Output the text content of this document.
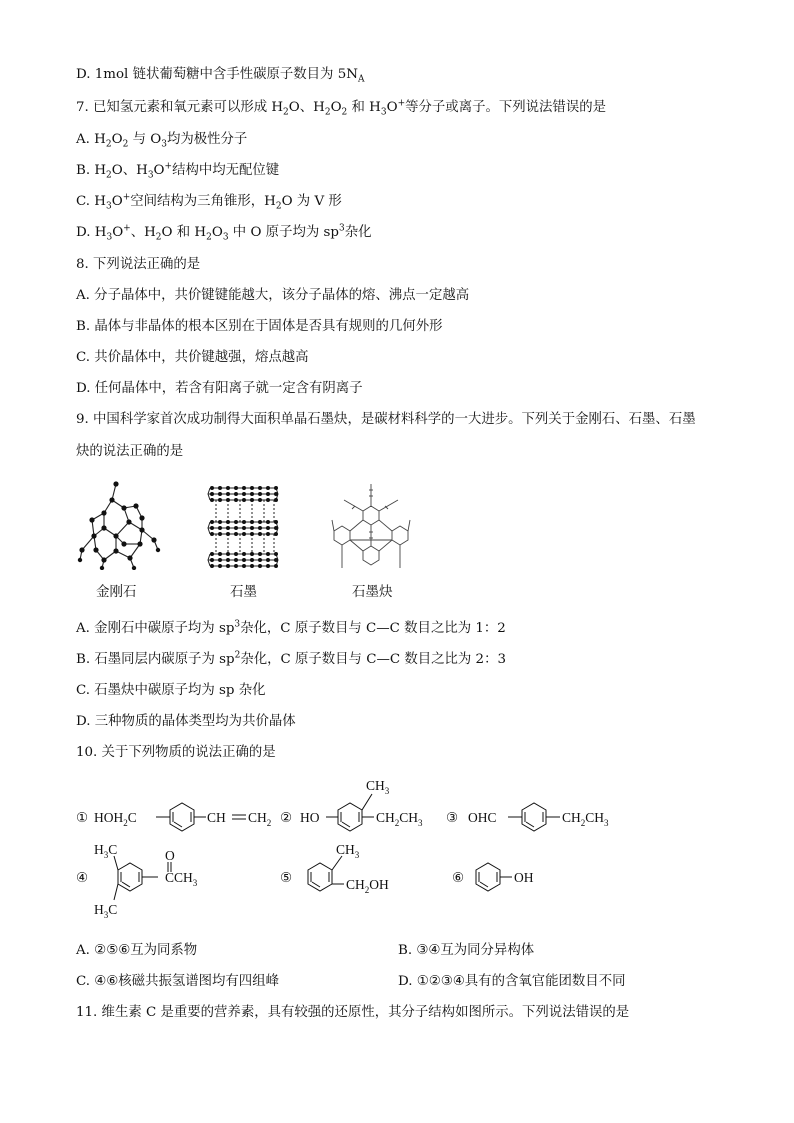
D. 1mol 链状葡萄糖中含手性碳原子数目为 $5N_A$
7. 已知氢元素和氧元素可以形成 $H_2O$、$H_2O_2$ 和 $H_3O^+$等分子或离子。下列说法错误的是
A. $H_2O_2$ 与 $O_3$均为极性分子
B. $H_2O$、$H_3O^+$结构中均无配位键
C. $H_3O^+$空间结构为三角锥形，$H_2O$ 为 V 形
D. $H_3O^+$、$H_2O$ 和 $H_2O_3$ 中 O 原子均为 $sp^3$杂化
8. 下列说法正确的是
A. 分子晶体中，共价键键能越大，该分子晶体的熔、沸点一定越高
B. 晶体与非晶体的根本区别在于固体是否具有规则的几何外形
C. 共价晶体中，共价键越强，熔点越高
D. 任何晶体中，若含有阳离子就一定含有阴离子
9. 中国科学家首次成功制得大面积单晶石墨炔，是碳材料科学的一大进步。下列关于金刚石、石墨、石墨
炔的说法正确的是
金刚石	石墨	石墨炔
A. 金刚石中碳原子均为 $sp^3$杂化，C 原子数目与 C—C 数目之比为 1：2
B. 石墨同层内碳原子为 $sp^2$杂化，C 原子数目与 C—C 数目之比为 2：3
C. 石墨炔中碳原子均为 sp 杂化
D. 三种物质的晶体类型均为共价晶体
10. 关于下列物质的说法正确的是
① $HOH_2C$	CH $CH_2$ ② HO
$CH_3$
$CH_2CH_3$ ③ OHC	$CH_2CH_3$
④
$H_3C$
$H_3C$
O
C $CH_3$	⑤
$CH_3$
$CH_2OH$	⑥	OH
A. ②⑤⑥互为同系物	B. ③④互为同分异构体
C. ④⑥核磁共振氢谱图均有四组峰	D. ①②③④具有的含氧官能团数目不同
11. 维生素 C 是重要的营养素，具有较强的还原性，其分子结构如图所示。下列说法错误的是
